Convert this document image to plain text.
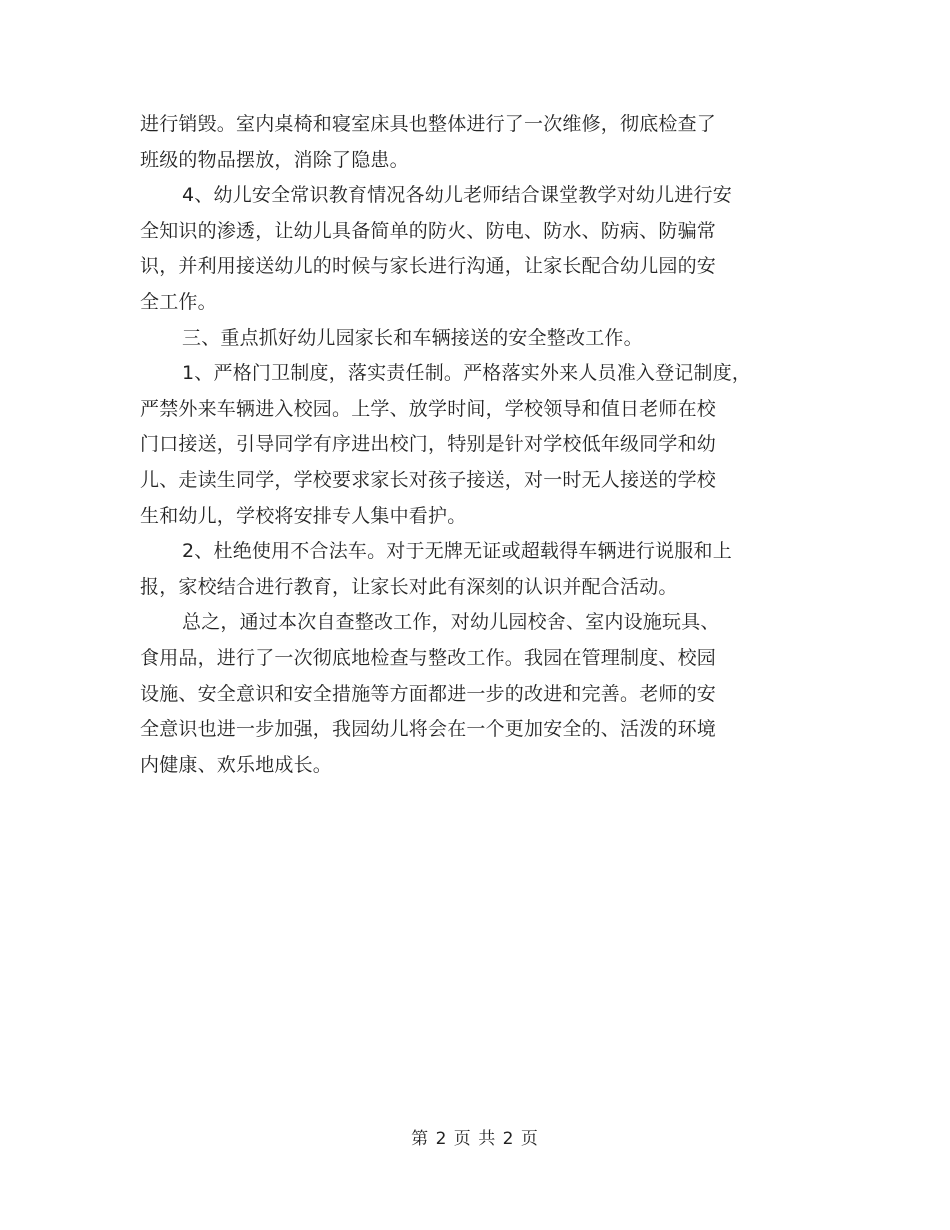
进行销毁。室内桌椅和寝室床具也整体进行了一次维修，彻底检查了
班级的物品摆放，消除了隐患。
4、幼儿安全常识教育情况各幼儿老师结合课堂教学对幼儿进行安
全知识的渗透，让幼儿具备简单的防火、防电、防水、防病、防骗常
识，并利用接送幼儿的时候与家长进行沟通，让家长配合幼儿园的安
全工作。
三、重点抓好幼儿园家长和车辆接送的安全整改工作。
1、严格门卫制度，落实责任制。严格落实外来人员准入登记制度，
严禁外来车辆进入校园。上学、放学时间，学校领导和值日老师在校
门口接送，引导同学有序进出校门，特别是针对学校低年级同学和幼
儿、走读生同学，学校要求家长对孩子接送，对一时无人接送的学校
生和幼儿，学校将安排专人集中看护。
2、杜绝使用不合法车。对于无牌无证或超载得车辆进行说服和上
报，家校结合进行教育，让家长对此有深刻的认识并配合活动。
总之，通过本次自查整改工作，对幼儿园校舍、室内设施玩具、
食用品，进行了一次彻底地检查与整改工作。我园在管理制度、校园
设施、安全意识和安全措施等方面都进一步的改进和完善。老师的安
全意识也进一步加强，我园幼儿将会在一个更加安全的、活泼的环境
内健康、欢乐地成长。
第 2 页 共 2 页
